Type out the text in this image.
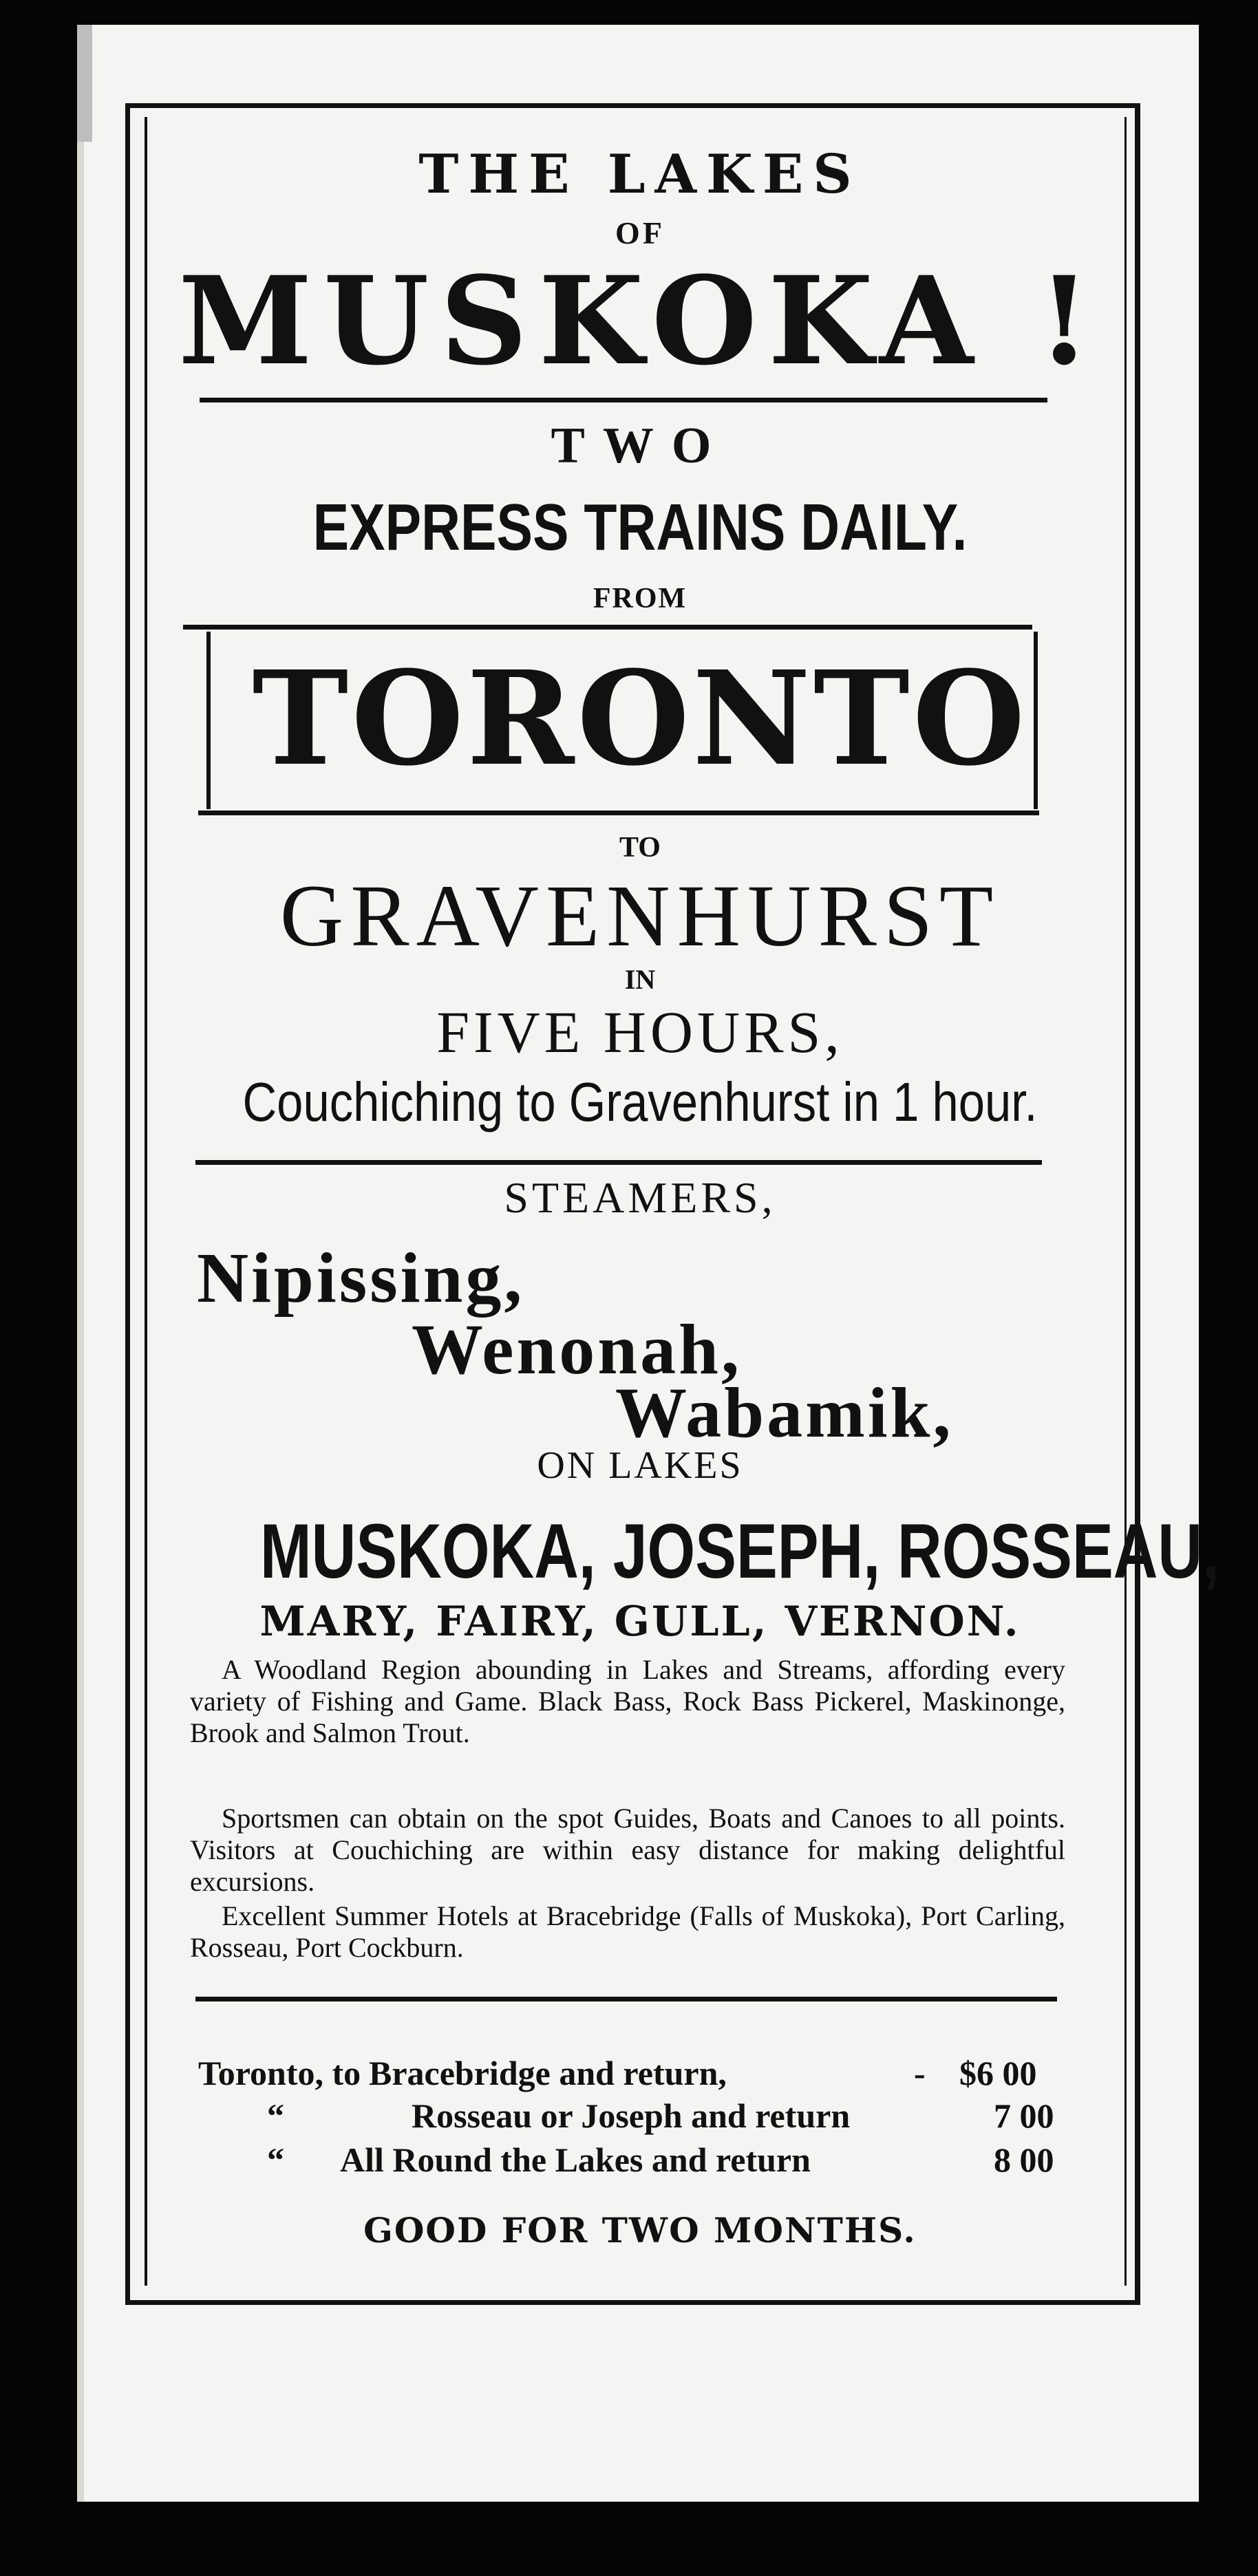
THE LAKES
OF
MUSKOKA !
TWO
EXPRESS TRAINS DAILY.
FROM
TORONTO
TO
GRAVENHURST
IN
FIVE HOURS,
Couchiching to Gravenhurst in 1 hour.
STEAMERS,
Nipissing,
Wenonah,
Wabamik,
ON LAKES
MUSKOKA, JOSEPH, ROSSEAU,
MARY, FAIRY, GULL, VERNON.
A Woodland Region abounding in Lakes and Streams, affording every variety of Fishing and Game. Black Bass, Rock Bass Pickerel, Maskinonge, Brook and Salmon Trout.
Sportsmen can obtain on the spot Guides, Boats and Canoes to all points. Visitors at Couchiching are within easy distance for making delightful excursions.
Excellent Summer Hotels at Bracebridge (Falls of Muskoka), Port Carling, Rosseau, Port Cockburn.
Toronto, to Bracebridge and return,	- $6 00
“	Rosseau or Joseph and return	7 00
“ All Round the Lakes and return	8 00
GOOD FOR TWO MONTHS.
